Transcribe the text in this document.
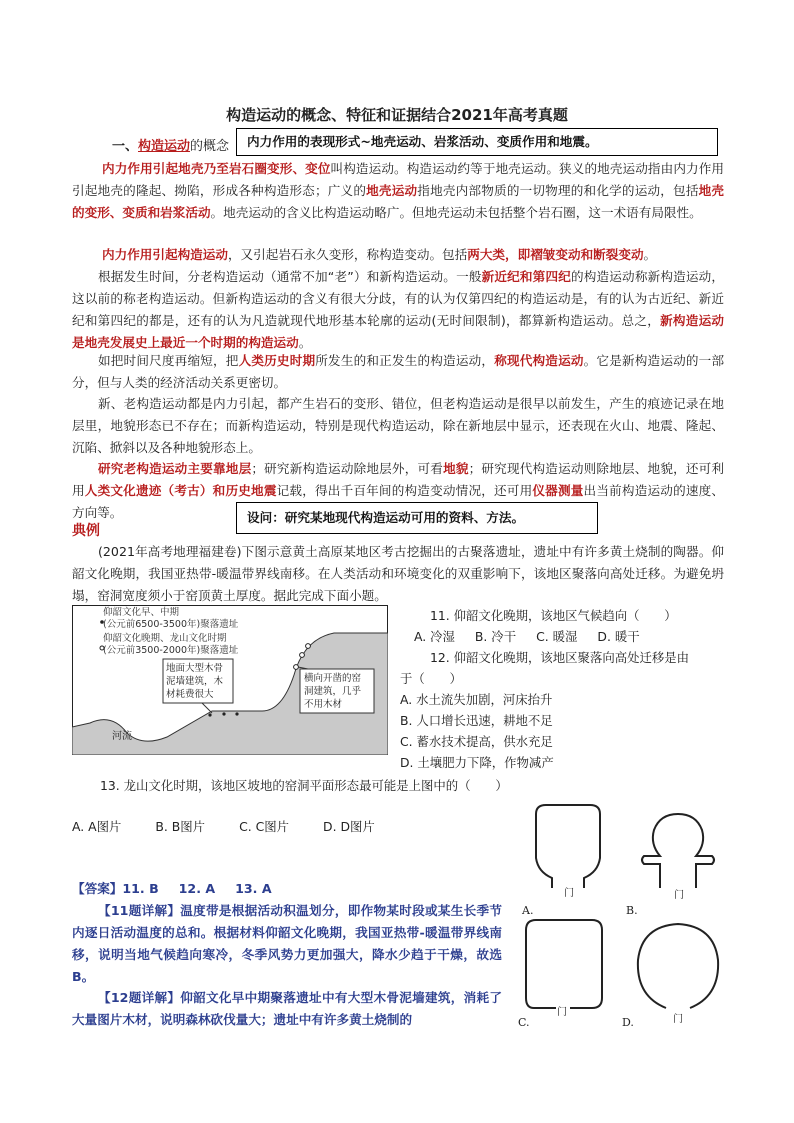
构造运动的概念、特征和证据结合2021年高考真题
一、构造运动的概念	内力作用的表现形式~地壳运动、岩浆活动、变质作用和地震。
内力作用引起地壳乃至岩石圈变形、变位叫构造运动。构造运动约等于地壳运动。狭义的地壳运动指由内力作用引起地壳的隆起、拗陷，形成各种构造形态；广义的地壳运动指地壳内部物质的一切物理的和化学的运动，包括地壳的变形、变质和岩浆活动。地壳运动的含义比构造运动略广。但地壳运动未包括整个岩石圈，这一术语有局限性。
内力作用引起构造运动，又引起岩石永久变形，称构造变动。包括两大类，即褶皱变动和断裂变动。
根据发生时间，分老构造运动（通常不加“老”）和新构造运动。一般新近纪和第四纪的构造运动称新构造运动，这以前的称老构造运动。但新构造运动的含义有很大分歧，有的认为仅第四纪的构造运动是，有的认为古近纪、新近纪和第四纪的都是，还有的认为凡造就现代地形基本轮廓的运动(无时间限制)，都算新构造运动。总之，新构造运动是地壳发展史上最近一个时期的构造运动。
如把时间尺度再缩短，把人类历史时期所发生的和正发生的构造运动，称现代构造运动。它是新构造运动的一部分，但与人类的经济活动关系更密切。
新、老构造运动都是内力引起，都产生岩石的变形、错位，但老构造运动是很早以前发生，产生的痕迹记录在地层里，地貌形态已不存在；而新构造运动，特别是现代构造运动，除在新地层中显示，还表现在火山、地震、隆起、沉陷、掀斜以及各种地貌形态上。
研究老构造运动主要靠地层；研究新构造运动除地层外，可看地貌；研究现代构造运动则除地层、地貌，还可利用人类文化遗迹（考古）和历史地震记载，得出千百年间的构造变动情况，还可用仪器测量出当前构造运动的速度、方向等。	设问：研究某地现代构造运动可用的资料、方法。
典例
(2021年高考地理福建卷)下图示意黄土高原某地区考古挖掘出的古聚落遗址，遗址中有许多黄土烧制的陶器。仰韶文化晚期，我国亚热带-暖温带界线南移。在人类活动和环境变化的双重影响下，该地区聚落向高处迁移。为避免坍塌，窑洞宽度须小于窑顶黄土厚度。据此完成下面小题。
仰韶文化早、中期
(公元前6500-3500年)聚落遗址
仰韶文化晚期、龙山文化时期
(公元前3500-2000年)聚落遗址
地面大型木骨
泥墙建筑，木
材耗费很大
横向开凿的窑
洞建筑，几乎
不用木材
河流
11. 仰韶文化晚期，该地区气候趋向（　　）
A. 冷湿 B. 冷干 C. 暖湿 D. 暖干
12. 仰韶文化晚期，该地区聚落向高处迁移是由
于（　　）
A. 水土流失加剧，河床抬升
B. 人口增长迅速，耕地不足
C. 蓄水技术提高，供水充足
D. 土壤肥力下降，作物减产
13. 龙山文化时期，该地区坡地的窑洞平面形态最可能是上图中的（　　）
A. A图片	B. B图片	C. C图片	D. D图片
A.	B.
C.	D.
门	门
门
门
【答案】11. B 12. A 13. A
【11题详解】温度带是根据活动积温划分，即作物某时段或某生长季节内逐日活动温度的总和。根据材料仰韶文化晚期，我国亚热带-暖温带界线南移，说明当地气候趋向寒冷，冬季风势力更加强大，降水少趋于干燥，故选B。
【12题详解】仰韶文化早中期聚落遗址中有大型木骨泥墙建筑，消耗了大量图片木材，说明森林砍伐量大；遗址中有许多黄土烧制的
